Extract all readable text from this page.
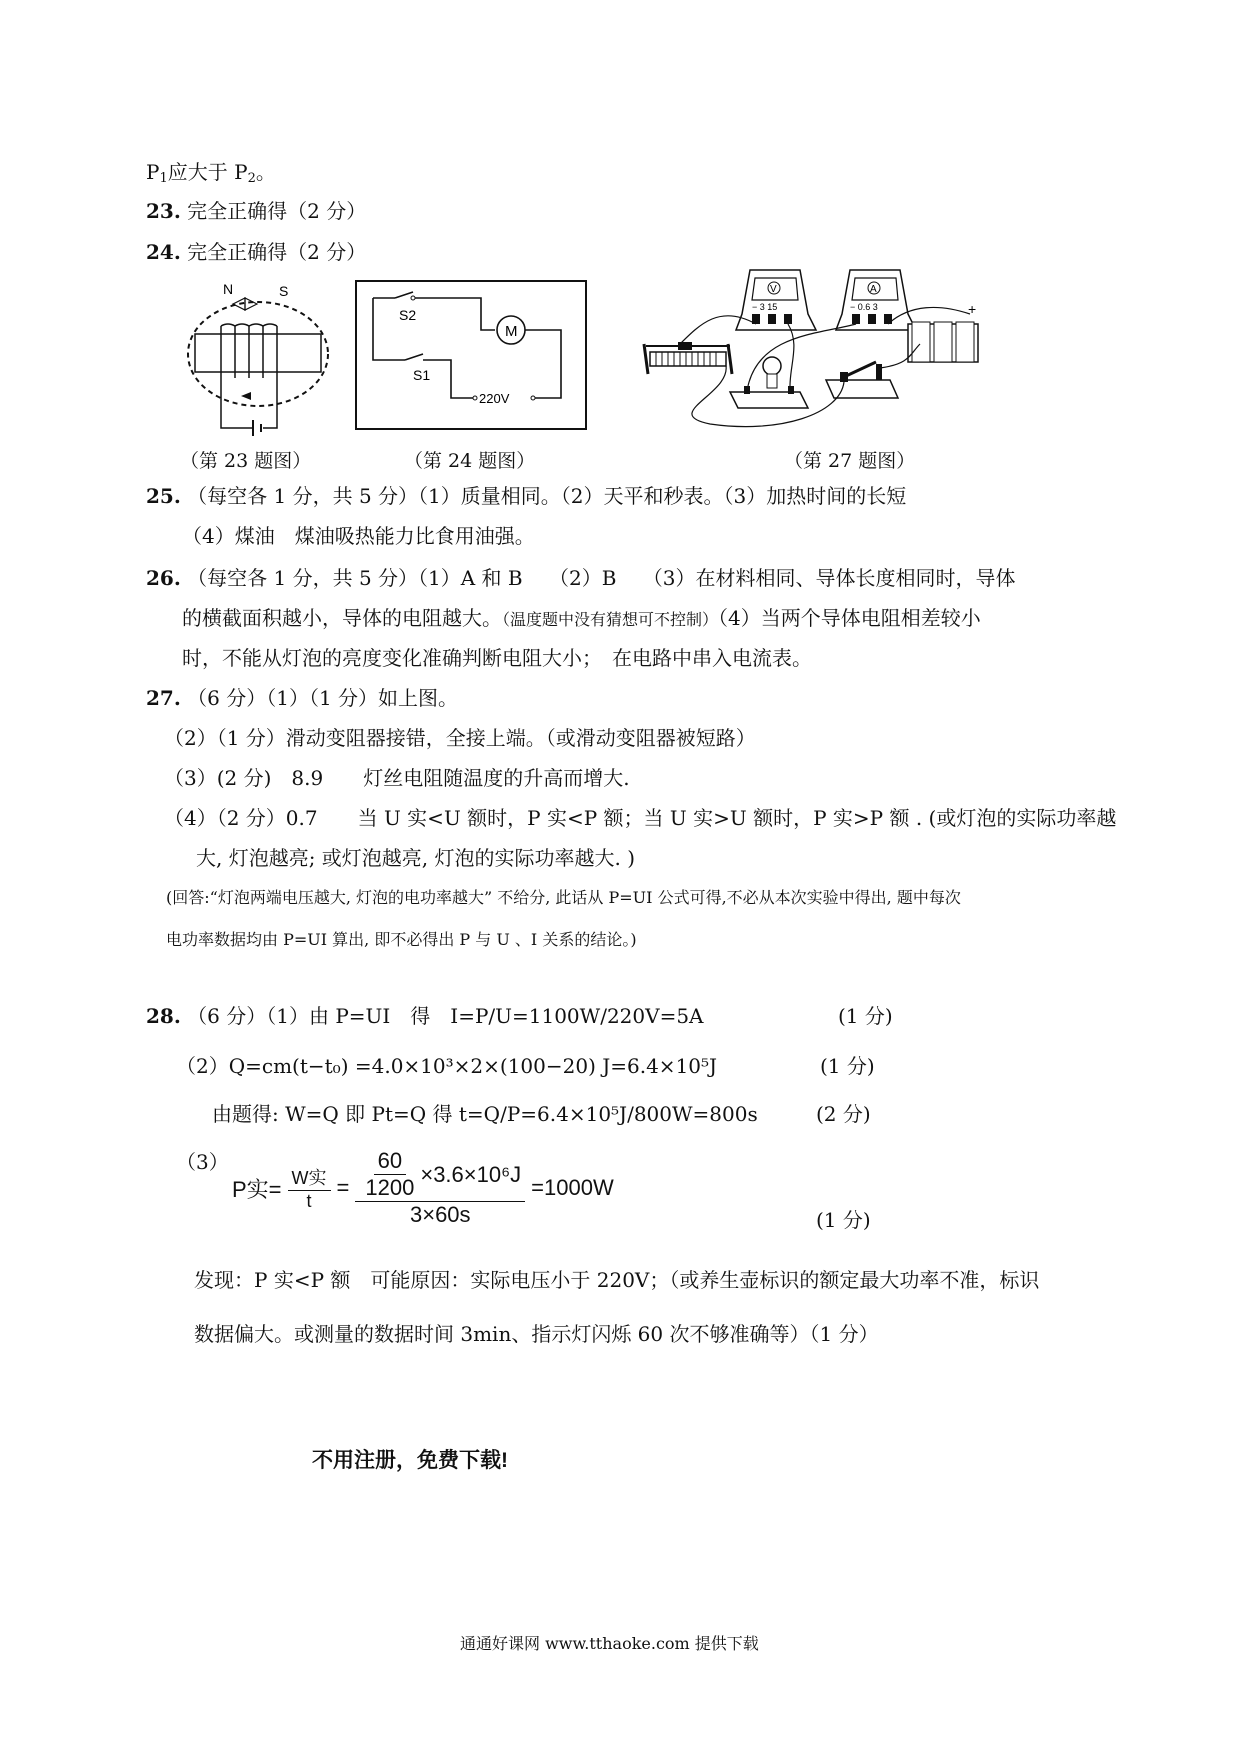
$P_1$应大于 $P_2$。
23. 完全正确得（2 分）
24. 完全正确得（2 分）
N	S
M
220V
S2
S1
V
− 3 15
A
− 0.6 3	+
（第 23 题图）	（第 24 题图）	（第 27 题图）
25. （每空各 1 分，共 5 分）（1）质量相同。（2）天平和秒表。（3）加热时间的长短
（4）煤油　煤油吸热能力比食用油强。
26. （每空各 1 分，共 5 分）（1）A 和 B　 （2）B　 （3）在材料相同、导体长度相同时，导体
的横截面积越小，导体的电阻越大。（温度题中没有猜想可不控制）（4）当两个导体电阻相差较小
时，不能从灯泡的亮度变化准确判断电阻大小；　在电路中串入电流表。
27. （6 分）（1）（1 分）如上图。
（2）（1 分）滑动变阻器接错，全接上端。（或滑动变阻器被短路）
（3）(2 分)　8.9　　灯丝电阻随温度的升高而增大.
（4）（2 分）0.7　　当 U 实<U 额时，P 实<P 额；当 U 实>U 额时，P 实>P 额 . (或灯泡的实际功率越
大, 灯泡越亮; 或灯泡越亮, 灯泡的实际功率越大. )
(回答:“灯泡两端电压越大, 灯泡的电功率越大” 不给分, 此话从 P=UI 公式可得,不必从本次实验中得出, 题中每次
电功率数据均由 P=UI 算出, 即不必得出 P 与 U 、I 关系的结论。)
28. （6 分）（1）由 P=UI　得　I=P/U=1100W/220V=5A	(1 分)
（2）Q=cm(t−t₀) =4.0×10³×2×(100−20) J=6.4×10⁵J	(1 分)
由题得: W=Q 即 Pt=Q 得 t=Q/P=6.4×10⁵J/800W=800s	(2 分)
（3）
P实= $\frac{\text{W实}}{t} = \frac{\frac{60}{1200} \times 3.6\times 10^6J}{3\times 60s} =1000W$
(1 分)
发现：P 实<P 额　可能原因：实际电压小于 220V；（或养生壶标识的额定最大功率不准，标识
数据偏大。或测量的数据时间 3min、指示灯闪烁 60 次不够准确等）（1 分）
不用注册，免费下载!
通通好课网 www.tthaoke.com 提供下载
